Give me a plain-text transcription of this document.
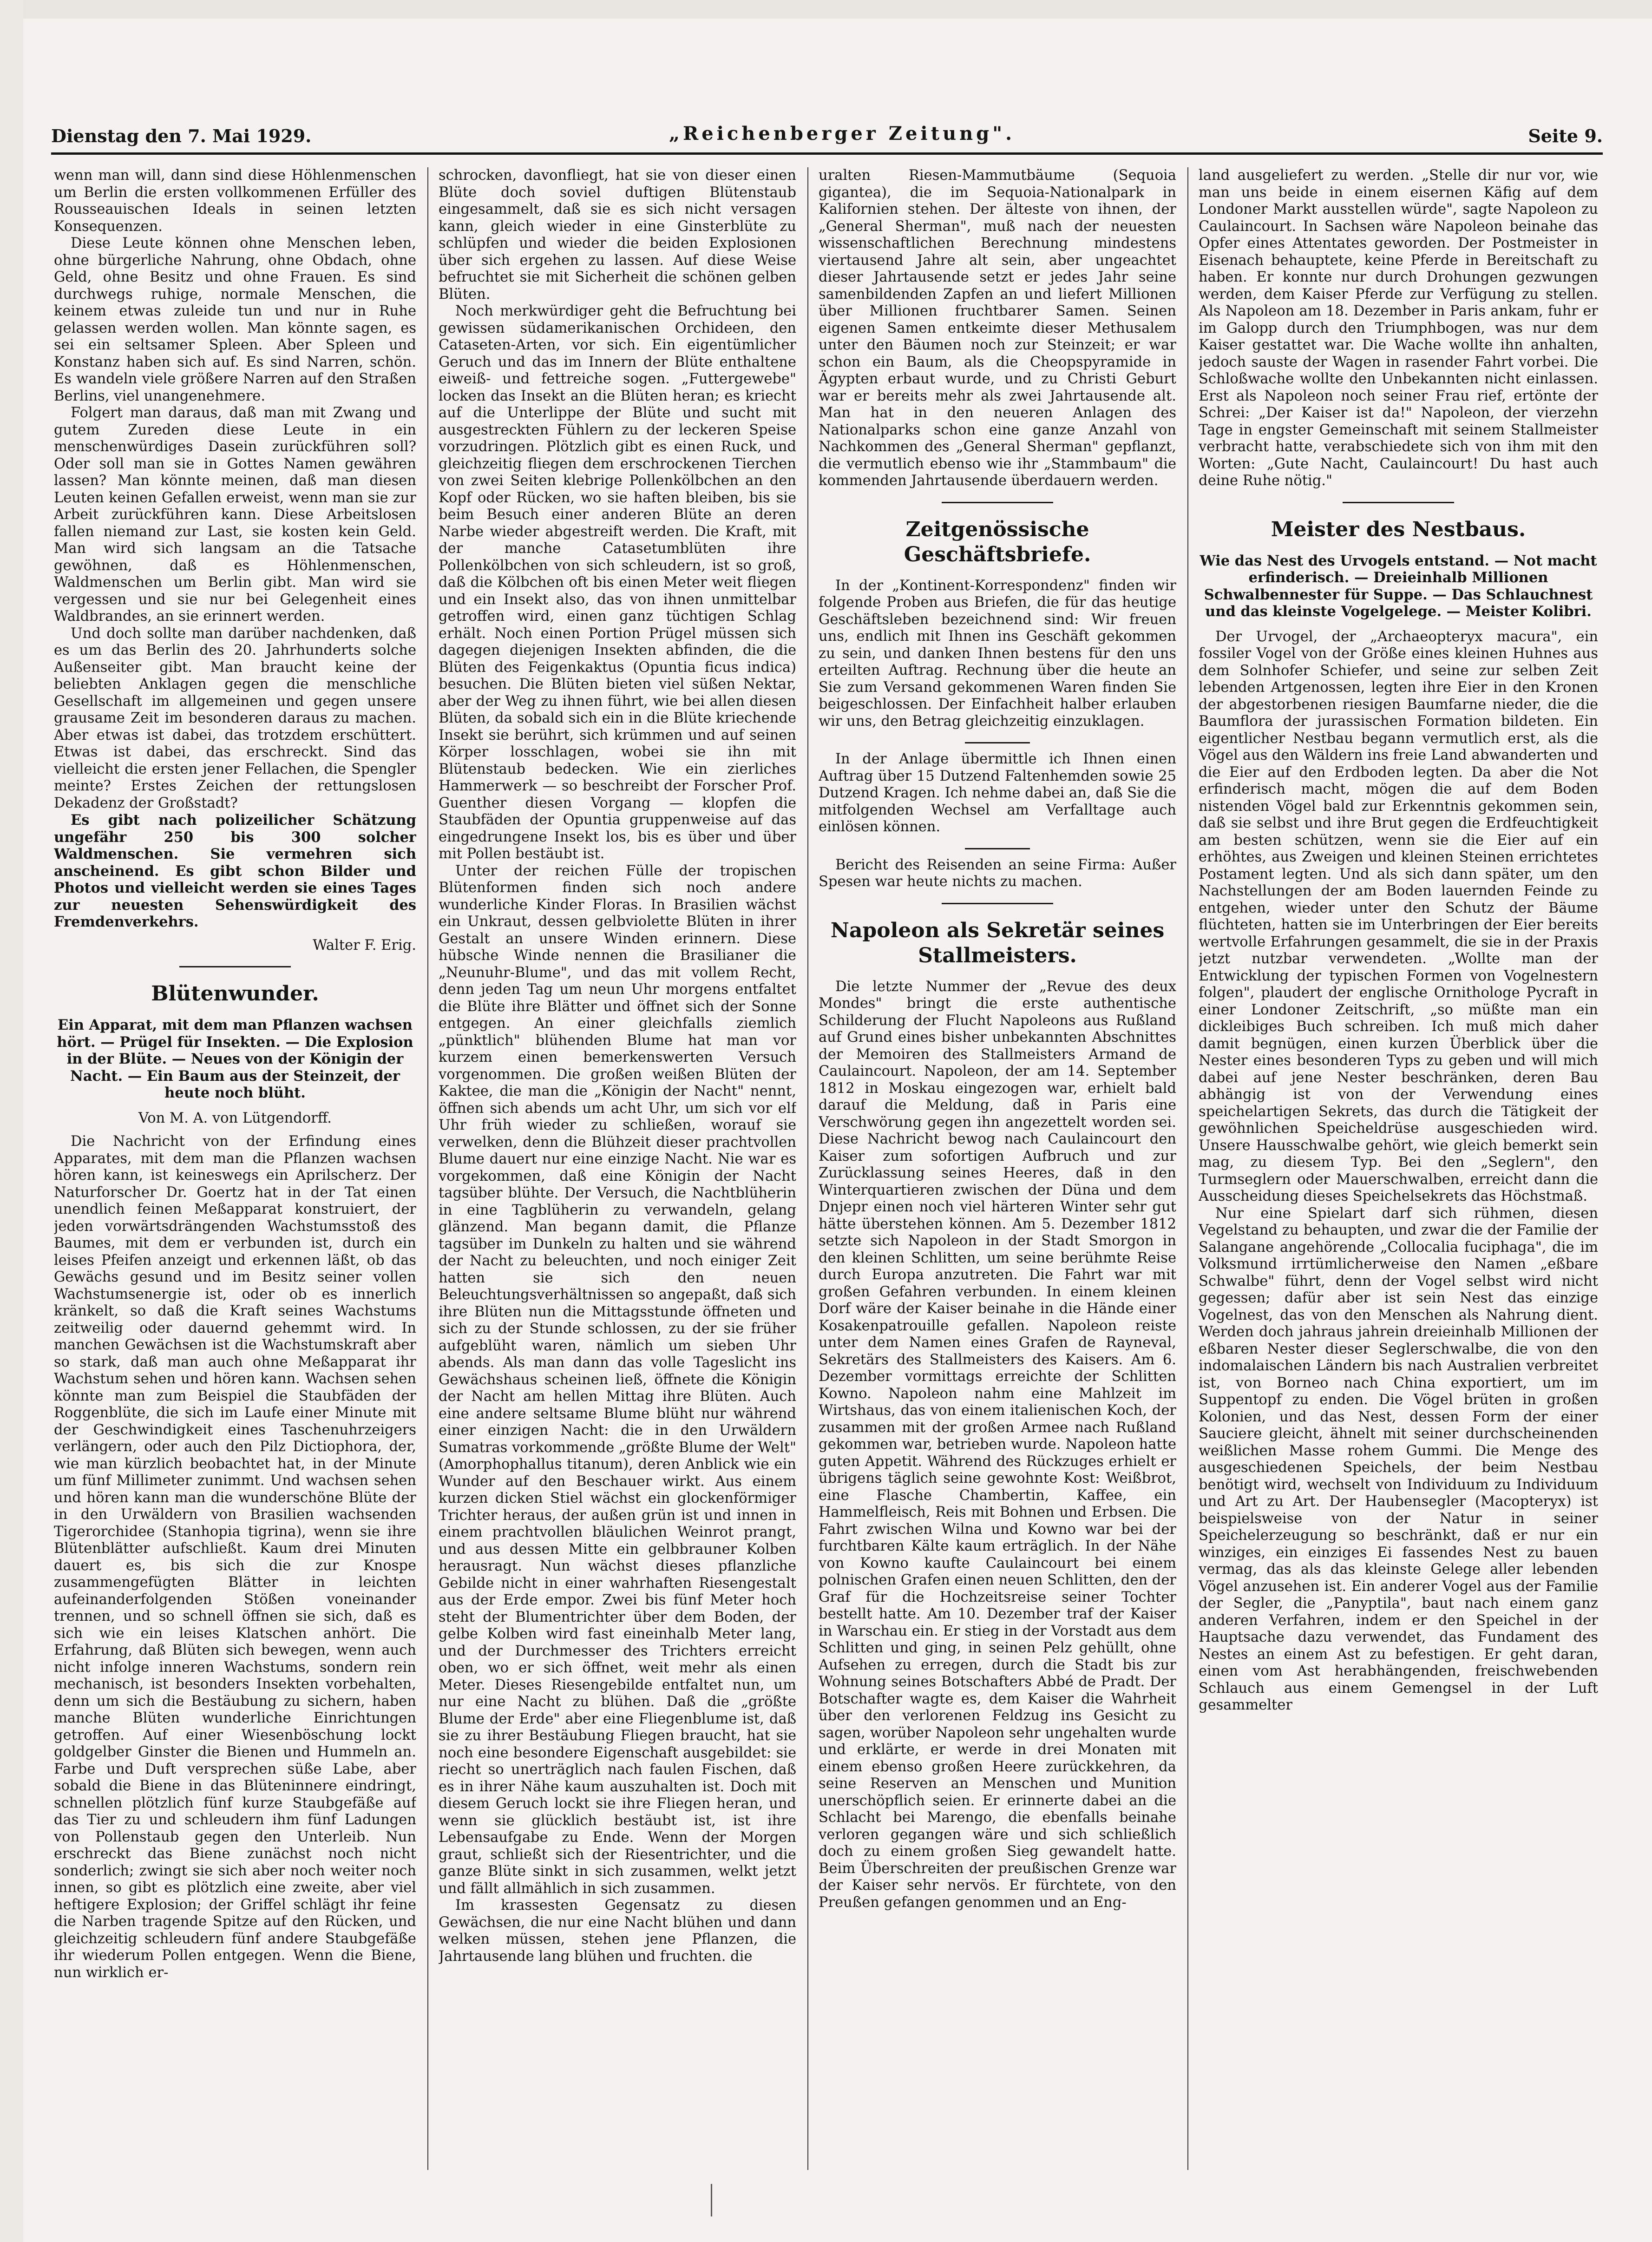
Dienstag den 7. Mai 1929.	„Reichenberger Zeitung".	Seite 9.

wenn man will, dann sind diese Höhlenmenschen um Berlin die ersten vollkommenen Erfüller des Rousseauischen Ideals in seinen letzten Konsequenzen.

Diese Leute können ohne Menschen leben, ohne bürgerliche Nahrung, ohne Obdach, ohne Geld, ohne Besitz und ohne Frauen. Es sind durchwegs ruhige, normale Menschen, die keinem etwas zuleide tun und nur in Ruhe gelassen werden wollen. Man könnte sagen, es sei ein seltsamer Spleen. Aber Spleen und Konstanz haben sich auf. Es sind Narren, schön. Es wandeln viele größere Narren auf den Straßen Berlins, viel unangenehmere.

Folgert man daraus, daß man mit Zwang und gutem Zureden diese Leute in ein menschenwürdiges Dasein zurückführen soll? Oder soll man sie in Gottes Namen gewähren lassen? Man könnte meinen, daß man diesen Leuten keinen Gefallen erweist, wenn man sie zur Arbeit zurückführen kann. Diese Arbeitslosen fallen niemand zur Last, sie kosten kein Geld. Man wird sich langsam an die Tatsache gewöhnen, daß es Höhlenmenschen, Waldmenschen um Berlin gibt. Man wird sie vergessen und sie nur bei Gelegenheit eines Waldbrandes, an sie erinnert werden.

Und doch sollte man darüber nachdenken, daß es um das Berlin des 20. Jahrhunderts solche Außenseiter gibt. Man braucht keine der beliebten Anklagen gegen die menschliche Gesellschaft im allgemeinen und gegen unsere grausame Zeit im besonderen daraus zu machen. Aber etwas ist dabei, das trotzdem erschüttert. Etwas ist dabei, das erschreckt. Sind das vielleicht die ersten jener Fellachen, die Spengler meinte? Erstes Zeichen der rettungslosen Dekadenz der Großstadt?

Es gibt nach polizeilicher Schätzung ungefähr 250 bis 300 solcher Waldmenschen. Sie vermehren sich anscheinend. Es gibt schon Bilder und Photos und vielleicht werden sie eines Tages zur neuesten Sehenswürdigkeit des Fremdenverkehrs.

Walter F. Erig.

Blütenwunder.

Ein Apparat, mit dem man Pflanzen wachsen hört. — Prügel für Insekten. — Die Explosion in der Blüte. — Neues von der Königin der Nacht. — Ein Baum aus der Steinzeit, der heute noch blüht.

Von M. A. von Lütgendorff.

Die Nachricht von der Erfindung eines Apparates, mit dem man die Pflanzen wachsen hören kann, ist keineswegs ein Aprilscherz. Der Naturforscher Dr. Goertz hat in der Tat einen unendlich feinen Meßapparat konstruiert, der jeden vorwärtsdrängenden Wachstumsstoß des Baumes, mit dem er verbunden ist, durch ein leises Pfeifen anzeigt und erkennen läßt, ob das Gewächs gesund und im Besitz seiner vollen Wachstumsenergie ist, oder ob es innerlich kränkelt, so daß die Kraft seines Wachstums zeitweilig oder dauernd gehemmt wird. In manchen Gewächsen ist die Wachstumskraft aber so stark, daß man auch ohne Meßapparat ihr Wachstum sehen und hören kann. Wachsen sehen könnte man zum Beispiel die Staubfäden der Roggenblüte, die sich im Laufe einer Minute mit der Geschwindigkeit eines Taschenuhrzeigers verlängern, oder auch den Pilz Dictiophora, der, wie man kürzlich beobachtet hat, in der Minute um fünf Millimeter zunimmt. Und wachsen sehen und hören kann man die wunderschöne Blüte der in den Urwäldern von Brasilien wachsenden Tigerorchidee (Stanhopia tigrina), wenn sie ihre Blütenblätter aufschließt. Kaum drei Minuten dauert es, bis sich die zur Knospe zusammengefügten Blätter in leichten aufeinanderfolgenden Stößen voneinander trennen, und so schnell öffnen sie sich, daß es sich wie ein leises Klatschen anhört. Die Erfahrung, daß Blüten sich bewegen, wenn auch nicht infolge inneren Wachstums, sondern rein mechanisch, ist besonders Insekten vorbehalten, denn um sich die Bestäubung zu sichern, haben manche Blüten wunderliche Einrichtungen getroffen. Auf einer Wiesenböschung lockt goldgelber Ginster die Bienen und Hummeln an. Farbe und Duft versprechen süße Labe, aber sobald die Biene in das Blüteninnere eindringt, schnellen plötzlich fünf kurze Staubgefäße auf das Tier zu und schleudern ihm fünf Ladungen von Pollenstaub gegen den Unterleib. Nun erschreckt das Biene zunächst noch nicht sonderlich; zwingt sie sich aber noch weiter noch innen, so gibt es plötzlich eine zweite, aber viel heftigere Explosion; der Griffel schlägt ihr feine die Narben tragende Spitze auf den Rücken, und gleichzeitig schleudern fünf andere Staubgefäße ihr wiederum Pollen entgegen. Wenn die Biene, nun wirklich er-

schrocken, davonfliegt, hat sie von dieser einen Blüte doch soviel duftigen Blütenstaub eingesammelt, daß sie es sich nicht versagen kann, gleich wieder in eine Ginsterblüte zu schlüpfen und wieder die beiden Explosionen über sich ergehen zu lassen. Auf diese Weise befruchtet sie mit Sicherheit die schönen gelben Blüten.

Noch merkwürdiger geht die Befruchtung bei gewissen südamerikanischen Orchideen, den Cataseten-Arten, vor sich. Ein eigentümlicher Geruch und das im Innern der Blüte enthaltene eiweiß- und fettreiche sogen. „Futtergewebe" locken das Insekt an die Blüten heran; es kriecht auf die Unterlippe der Blüte und sucht mit ausgestreckten Fühlern zu der leckeren Speise vorzudringen. Plötzlich gibt es einen Ruck, und gleichzeitig fliegen dem erschrockenen Tierchen von zwei Seiten klebrige Pollenkölbchen an den Kopf oder Rücken, wo sie haften bleiben, bis sie beim Besuch einer anderen Blüte an deren Narbe wieder abgestreift werden. Die Kraft, mit der manche Catasetumblüten ihre Pollenkölbchen von sich schleudern, ist so groß, daß die Kölbchen oft bis einen Meter weit fliegen und ein Insekt also, das von ihnen unmittelbar getroffen wird, einen ganz tüchtigen Schlag erhält. Noch einen Portion Prügel müssen sich dagegen diejenigen Insekten abfinden, die die Blüten des Feigenkaktus (Opuntia ficus indica) besuchen. Die Blüten bieten viel süßen Nektar, aber der Weg zu ihnen führt, wie bei allen diesen Blüten, da sobald sich ein in die Blüte kriechende Insekt sie berührt, sich krümmen und auf seinen Körper losschlagen, wobei sie ihn mit Blütenstaub bedecken. Wie ein zierliches Hammerwerk — so beschreibt der Forscher Prof. Guenther diesen Vorgang — klopfen die Staubfäden der Opuntia gruppenweise auf das eingedrungene Insekt los, bis es über und über mit Pollen bestäubt ist.

Unter der reichen Fülle der tropischen Blütenformen finden sich noch andere wunderliche Kinder Floras. In Brasilien wächst ein Unkraut, dessen gelbviolette Blüten in ihrer Gestalt an unsere Winden erinnern. Diese hübsche Winde nennen die Brasilianer die „Neunuhr-Blume", und das mit vollem Recht, denn jeden Tag um neun Uhr morgens entfaltet die Blüte ihre Blätter und öffnet sich der Sonne entgegen. An einer gleichfalls ziemlich „pünktlich" blühenden Blume hat man vor kurzem einen bemerkenswerten Versuch vorgenommen. Die großen weißen Blüten der Kaktee, die man die „Königin der Nacht" nennt, öffnen sich abends um acht Uhr, um sich vor elf Uhr früh wieder zu schließen, worauf sie verwelken, denn die Blühzeit dieser prachtvollen Blume dauert nur eine einzige Nacht. Nie war es vorgekommen, daß eine Königin der Nacht tagsüber blühte. Der Versuch, die Nachtblüherin in eine Tagblüherin zu verwandeln, gelang glänzend. Man begann damit, die Pflanze tagsüber im Dunkeln zu halten und sie während der Nacht zu beleuchten, und noch einiger Zeit hatten sie sich den neuen Beleuchtungsverhältnissen so angepaßt, daß sich ihre Blüten nun die Mittagsstunde öffneten und sich zu der Stunde schlossen, zu der sie früher aufgeblüht waren, nämlich um sieben Uhr abends. Als man dann das volle Tageslicht ins Gewächshaus scheinen ließ, öffnete die Königin der Nacht am hellen Mittag ihre Blüten. Auch eine andere seltsame Blume blüht nur während einer einzigen Nacht: die in den Urwäldern Sumatras vorkommende „größte Blume der Welt" (Amorphophallus titanum), deren Anblick wie ein Wunder auf den Beschauer wirkt. Aus einem kurzen dicken Stiel wächst ein glockenförmiger Trichter heraus, der außen grün ist und innen in einem prachtvollen bläulichen Weinrot prangt, und aus dessen Mitte ein gelbbrauner Kolben herausragt. Nun wächst dieses pflanzliche Gebilde nicht in einer wahrhaften Riesengestalt aus der Erde empor. Zwei bis fünf Meter hoch steht der Blumentrichter über dem Boden, der gelbe Kolben wird fast eineinhalb Meter lang, und der Durchmesser des Trichters erreicht oben, wo er sich öffnet, weit mehr als einen Meter. Dieses Riesengebilde entfaltet nun, um nur eine Nacht zu blühen. Daß die „größte Blume der Erde" aber eine Fliegenblume ist, daß sie zu ihrer Bestäubung Fliegen braucht, hat sie noch eine besondere Eigenschaft ausgebildet: sie riecht so unerträglich nach faulen Fischen, daß es in ihrer Nähe kaum auszuhalten ist. Doch mit diesem Geruch lockt sie ihre Fliegen heran, und wenn sie glücklich bestäubt ist, ist ihre Lebensaufgabe zu Ende. Wenn der Morgen graut, schließt sich der Riesentrichter, und die ganze Blüte sinkt in sich zusammen, welkt jetzt und fällt allmählich in sich zusammen.

Im krassesten Gegensatz zu diesen Gewächsen, die nur eine Nacht blühen und dann welken müssen, stehen jene Pflanzen, die Jahrtausende lang blühen und fruchten. die

uralten Riesen-Mammutbäume (Sequoia gigantea), die im Sequoia-Nationalpark in Kalifornien stehen. Der älteste von ihnen, der „General Sherman", muß nach der neuesten wissenschaftlichen Berechnung mindestens viertausend Jahre alt sein, aber ungeachtet dieser Jahrtausende setzt er jedes Jahr seine samenbildenden Zapfen an und liefert Millionen über Millionen fruchtbarer Samen. Seinen eigenen Samen entkeimte dieser Methusalem unter den Bäumen noch zur Steinzeit; er war schon ein Baum, als die Cheopspyramide in Ägypten erbaut wurde, und zu Christi Geburt war er bereits mehr als zwei Jahrtausende alt. Man hat in den neueren Anlagen des Nationalparks schon eine ganze Anzahl von Nachkommen des „General Sherman" gepflanzt, die vermutlich ebenso wie ihr „Stammbaum" die kommenden Jahrtausende überdauern werden.

Zeitgenössische Geschäftsbriefe.

In der „Kontinent-Korrespondenz" finden wir folgende Proben aus Briefen, die für das heutige Geschäftsleben bezeichnend sind: Wir freuen uns, endlich mit Ihnen ins Geschäft gekommen zu sein, und danken Ihnen bestens für den uns erteilten Auftrag. Rechnung über die heute an Sie zum Versand gekommenen Waren finden Sie beigeschlossen. Der Einfachheit halber erlauben wir uns, den Betrag gleichzeitig einzuklagen.

In der Anlage übermittle ich Ihnen einen Auftrag über 15 Dutzend Faltenhemden sowie 25 Dutzend Kragen. Ich nehme dabei an, daß Sie die mitfolgenden Wechsel am Verfalltage auch einlösen können.

Bericht des Reisenden an seine Firma: Außer Spesen war heute nichts zu machen.

Napoleon als Sekretär seines Stallmeisters.

Die letzte Nummer der „Revue des deux Mondes" bringt die erste authentische Schilderung der Flucht Napoleons aus Rußland auf Grund eines bisher unbekannten Abschnittes der Memoiren des Stallmeisters Armand de Caulaincourt. Napoleon, der am 14. September 1812 in Moskau eingezogen war, erhielt bald darauf die Meldung, daß in Paris eine Verschwörung gegen ihn angezettelt worden sei. Diese Nachricht bewog nach Caulaincourt den Kaiser zum sofortigen Aufbruch und zur Zurücklassung seines Heeres, daß in den Winterquartieren zwischen der Düna und dem Dnjepr einen noch viel härteren Winter sehr gut hätte überstehen können. Am 5. Dezember 1812 setzte sich Napoleon in der Stadt Smorgon in den kleinen Schlitten, um seine berühmte Reise durch Europa anzutreten. Die Fahrt war mit großen Gefahren verbunden. In einem kleinen Dorf wäre der Kaiser beinahe in die Hände einer Kosakenpatrouille gefallen. Napoleon reiste unter dem Namen eines Grafen de Rayneval, Sekretärs des Stallmeisters des Kaisers. Am 6. Dezember vormittags erreichte der Schlitten Kowno. Napoleon nahm eine Mahlzeit im Wirtshaus, das von einem italienischen Koch, der zusammen mit der großen Armee nach Rußland gekommen war, betrieben wurde. Napoleon hatte guten Appetit. Während des Rückzuges erhielt er übrigens täglich seine gewohnte Kost: Weißbrot, eine Flasche Chambertin, Kaffee, ein Hammelfleisch, Reis mit Bohnen und Erbsen. Die Fahrt zwischen Wilna und Kowno war bei der furchtbaren Kälte kaum erträglich. In der Nähe von Kowno kaufte Caulaincourt bei einem polnischen Grafen einen neuen Schlitten, den der Graf für die Hochzeitsreise seiner Tochter bestellt hatte. Am 10. Dezember traf der Kaiser in Warschau ein. Er stieg in der Vorstadt aus dem Schlitten und ging, in seinen Pelz gehüllt, ohne Aufsehen zu erregen, durch die Stadt bis zur Wohnung seines Botschafters Abbé de Pradt. Der Botschafter wagte es, dem Kaiser die Wahrheit über den verlorenen Feldzug ins Gesicht zu sagen, worüber Napoleon sehr ungehalten wurde und erklärte, er werde in drei Monaten mit einem ebenso großen Heere zurückkehren, da seine Reserven an Menschen und Munition unerschöpflich seien. Er erinnerte dabei an die Schlacht bei Marengo, die ebenfalls beinahe verloren gegangen wäre und sich schließlich doch zu einem großen Sieg gewandelt hatte. Beim Überschreiten der preußischen Grenze war der Kaiser sehr nervös. Er fürchtete, von den Preußen gefangen genommen und an Eng-

land ausgeliefert zu werden. „Stelle dir nur vor, wie man uns beide in einem eisernen Käfig auf dem Londoner Markt ausstellen würde", sagte Napoleon zu Caulaincourt. In Sachsen wäre Napoleon beinahe das Opfer eines Attentates geworden. Der Postmeister in Eisenach behauptete, keine Pferde in Bereitschaft zu haben. Er konnte nur durch Drohungen gezwungen werden, dem Kaiser Pferde zur Verfügung zu stellen. Als Napoleon am 18. Dezember in Paris ankam, fuhr er im Galopp durch den Triumphbogen, was nur dem Kaiser gestattet war. Die Wache wollte ihn anhalten, jedoch sauste der Wagen in rasender Fahrt vorbei. Die Schloßwache wollte den Unbekannten nicht einlassen. Erst als Napoleon noch seiner Frau rief, ertönte der Schrei: „Der Kaiser ist da!" Napoleon, der vierzehn Tage in engster Gemeinschaft mit seinem Stallmeister verbracht hatte, verabschiedete sich von ihm mit den Worten: „Gute Nacht, Caulaincourt! Du hast auch deine Ruhe nötig."

Meister des Nestbaus.

Wie das Nest des Urvogels entstand. — Not macht erfinderisch. — Dreieinhalb Millionen Schwalbennester für Suppe. — Das Schlauchnest und das kleinste Vogelgelege. — Meister Kolibri.

Der Urvogel, der „Archaeopteryx macura", ein fossiler Vogel von der Größe eines kleinen Huhnes aus dem Solnhofer Schiefer, und seine zur selben Zeit lebenden Artgenossen, legten ihre Eier in den Kronen der abgestorbenen riesigen Baumfarne nieder, die die Baumflora der jurassischen Formation bildeten. Ein eigentlicher Nestbau begann vermutlich erst, als die Vögel aus den Wäldern ins freie Land abwanderten und die Eier auf den Erdboden legten. Da aber die Not erfinderisch macht, mögen die auf dem Boden nistenden Vögel bald zur Erkenntnis gekommen sein, daß sie selbst und ihre Brut gegen die Erdfeuchtigkeit am besten schützen, wenn sie die Eier auf ein erhöhtes, aus Zweigen und kleinen Steinen errichtetes Postament legten. Und als sich dann später, um den Nachstellungen der am Boden lauernden Feinde zu entgehen, wieder unter den Schutz der Bäume flüchteten, hatten sie im Unterbringen der Eier bereits wertvolle Erfahrungen gesammelt, die sie in der Praxis jetzt nutzbar verwendeten. „Wollte man der Entwicklung der typischen Formen von Vogelnestern folgen", plaudert der englische Ornithologe Pycraft in einer Londoner Zeitschrift, „so müßte man ein dickleibiges Buch schreiben. Ich muß mich daher damit begnügen, einen kurzen Überblick über die Nester eines besonderen Typs zu geben und will mich dabei auf jene Nester beschränken, deren Bau abhängig ist von der Verwendung eines speichelartigen Sekrets, das durch die Tätigkeit der gewöhnlichen Speicheldrüse ausgeschieden wird. Unsere Hausschwalbe gehört, wie gleich bemerkt sein mag, zu diesem Typ. Bei den „Seglern", den Turmseglern oder Mauerschwalben, erreicht dann die Ausscheidung dieses Speichelsekrets das Höchstmaß.

Nur eine Spielart darf sich rühmen, diesen Vegelstand zu behaupten, und zwar die der Familie der Salangane angehörende „Collocalia fuciphaga", die im Volksmund irrtümlicherweise den Namen „eßbare Schwalbe" führt, denn der Vogel selbst wird nicht gegessen; dafür aber ist sein Nest das einzige Vogelnest, das von den Menschen als Nahrung dient. Werden doch jahraus jahrein dreieinhalb Millionen der eßbaren Nester dieser Seglerschwalbe, die von den indomalaischen Ländern bis nach Australien verbreitet ist, von Borneo nach China exportiert, um im Suppentopf zu enden. Die Vögel brüten in großen Kolonien, und das Nest, dessen Form der einer Sauciere gleicht, ähnelt mit seiner durchscheinenden weißlichen Masse rohem Gummi. Die Menge des ausgeschiedenen Speichels, der beim Nestbau benötigt wird, wechselt von Individuum zu Individuum und Art zu Art. Der Haubensegler (Macopteryx) ist beispielsweise von der Natur in seiner Speichelerzeugung so beschränkt, daß er nur ein winziges, ein einziges Ei fassendes Nest zu bauen vermag, das als das kleinste Gelege aller lebenden Vögel anzusehen ist. Ein anderer Vogel aus der Familie der Segler, die „Panyptila", baut nach einem ganz anderen Verfahren, indem er den Speichel in der Hauptsache dazu verwendet, das Fundament des Nestes an einem Ast zu befestigen. Er geht daran, einen vom Ast herabhängenden, freischwebenden Schlauch aus einem Gemengsel in der Luft gesammelter
